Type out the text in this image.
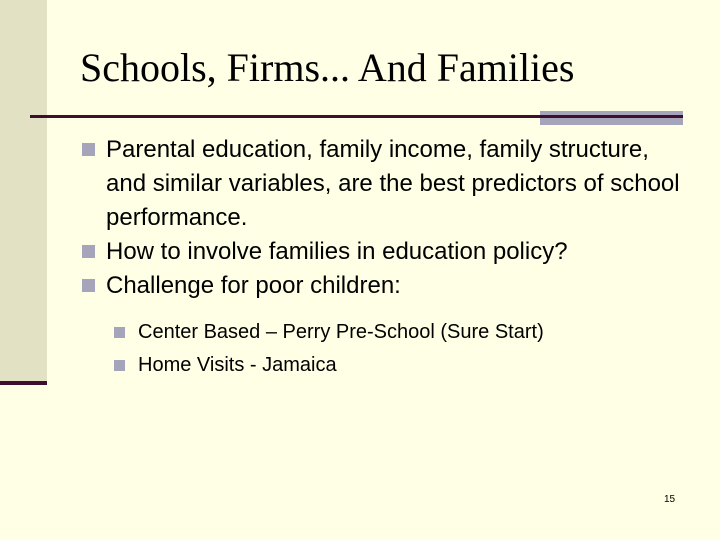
Schools, Firms... And Families
Parental education, family income, family structure, and similar variables, are the best predictors of school performance.
How to involve families in education policy?
Challenge for poor children:
Center Based – Perry Pre-School (Sure Start)
Home Visits - Jamaica
15
